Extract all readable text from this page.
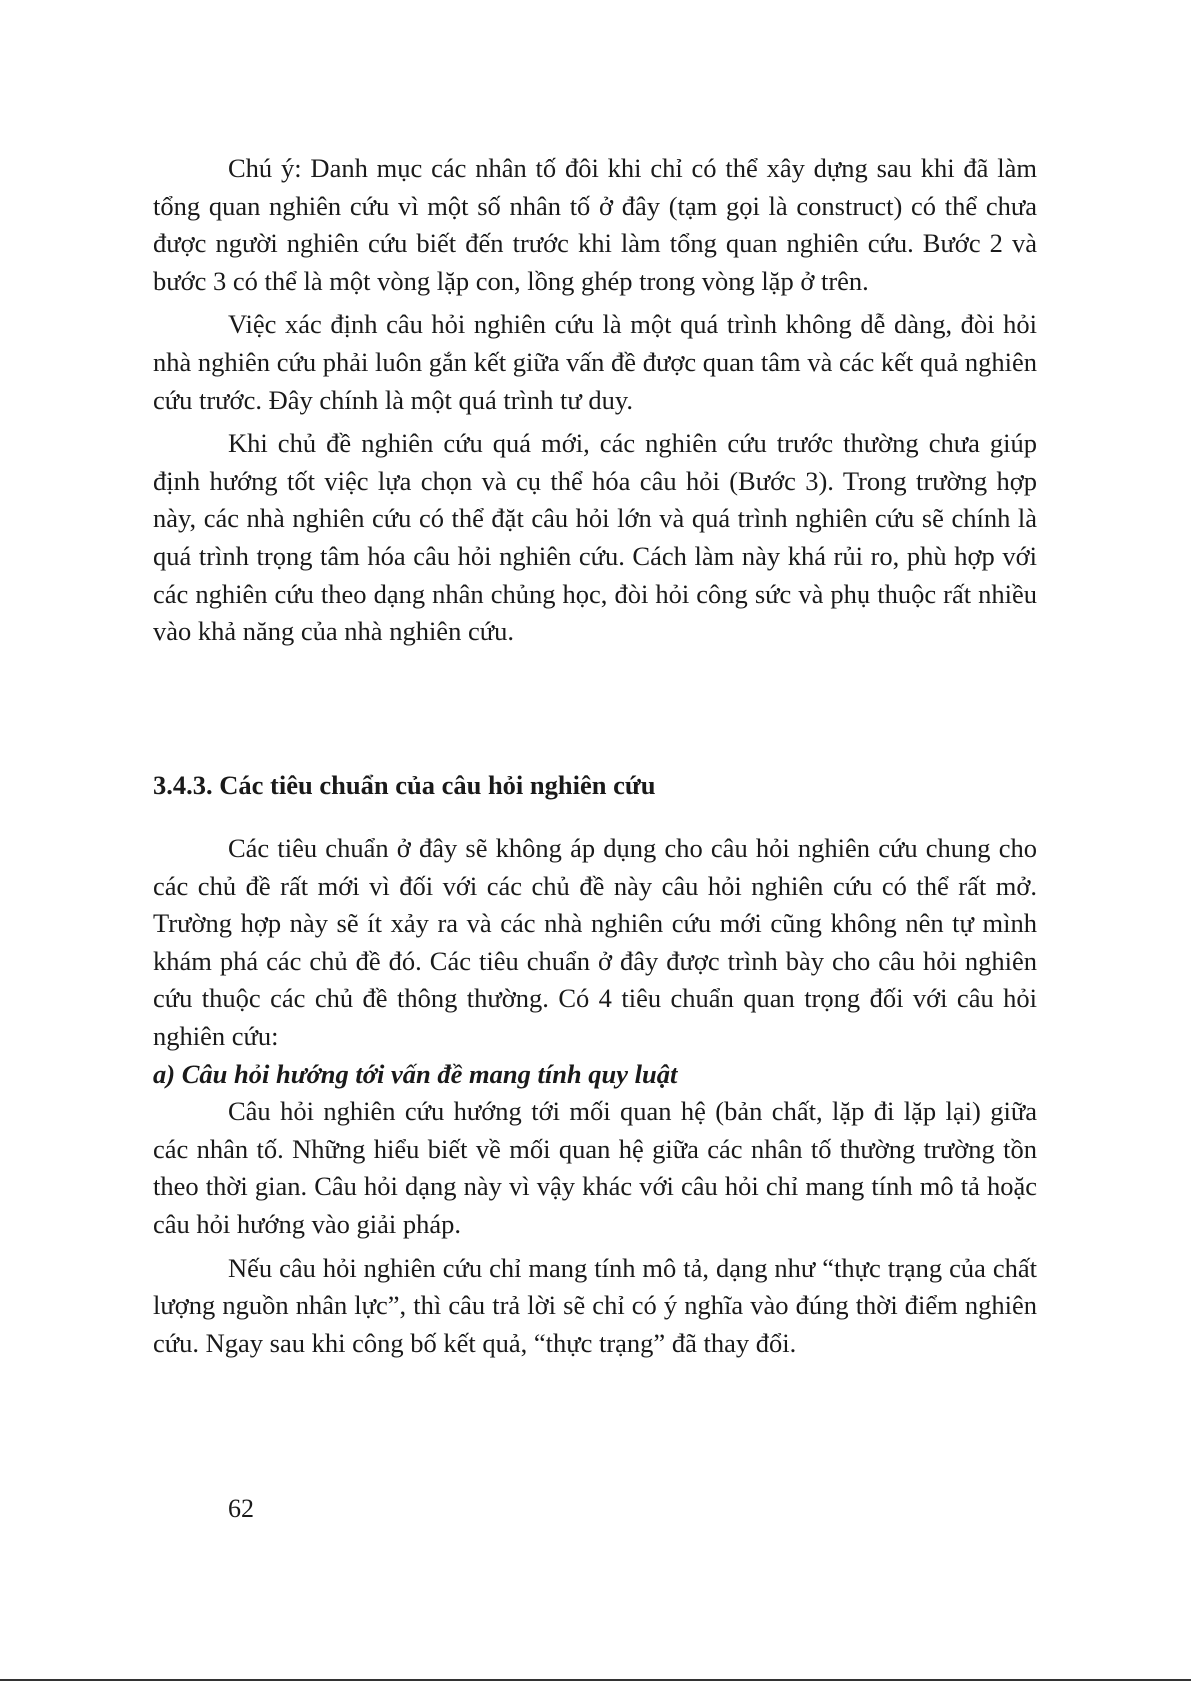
Chú ý: Danh mục các nhân tố đôi khi chỉ có thể xây dựng sau khi đã làm tổng quan nghiên cứu vì một số nhân tố ở đây (tạm gọi là construct) có thể chưa được người nghiên cứu biết đến trước khi làm tổng quan nghiên cứu. Bước 2 và bước 3 có thể là một vòng lặp con, lồng ghép trong vòng lặp ở trên.

Việc xác định câu hỏi nghiên cứu là một quá trình không dễ dàng, đòi hỏi nhà nghiên cứu phải luôn gắn kết giữa vấn đề được quan tâm và các kết quả nghiên cứu trước. Đây chính là một quá trình tư duy.

Khi chủ đề nghiên cứu quá mới, các nghiên cứu trước thường chưa giúp định hướng tốt việc lựa chọn và cụ thể hóa câu hỏi (Bước 3). Trong trường hợp này, các nhà nghiên cứu có thể đặt câu hỏi lớn và quá trình nghiên cứu sẽ chính là quá trình trọng tâm hóa câu hỏi nghiên cứu. Cách làm này khá rủi ro, phù hợp với các nghiên cứu theo dạng nhân chủng học, đòi hỏi công sức và phụ thuộc rất nhiều vào khả năng của nhà nghiên cứu.

3.4.3. Các tiêu chuẩn của câu hỏi nghiên cứu

Các tiêu chuẩn ở đây sẽ không áp dụng cho câu hỏi nghiên cứu chung cho các chủ đề rất mới vì đối với các chủ đề này câu hỏi nghiên cứu có thể rất mở. Trường hợp này sẽ ít xảy ra và các nhà nghiên cứu mới cũng không nên tự mình khám phá các chủ đề đó. Các tiêu chuẩn ở đây được trình bày cho câu hỏi nghiên cứu thuộc các chủ đề thông thường. Có 4 tiêu chuẩn quan trọng đối với câu hỏi nghiên cứu:

a) Câu hỏi hướng tới vấn đề mang tính quy luật

Câu hỏi nghiên cứu hướng tới mối quan hệ (bản chất, lặp đi lặp lại) giữa các nhân tố. Những hiểu biết về mối quan hệ giữa các nhân tố thường trường tồn theo thời gian. Câu hỏi dạng này vì vậy khác với câu hỏi chỉ mang tính mô tả hoặc câu hỏi hướng vào giải pháp.

Nếu câu hỏi nghiên cứu chỉ mang tính mô tả, dạng như “thực trạng của chất lượng nguồn nhân lực”, thì câu trả lời sẽ chỉ có ý nghĩa vào đúng thời điểm nghiên cứu. Ngay sau khi công bố kết quả, “thực trạng” đã thay đổi.

62
